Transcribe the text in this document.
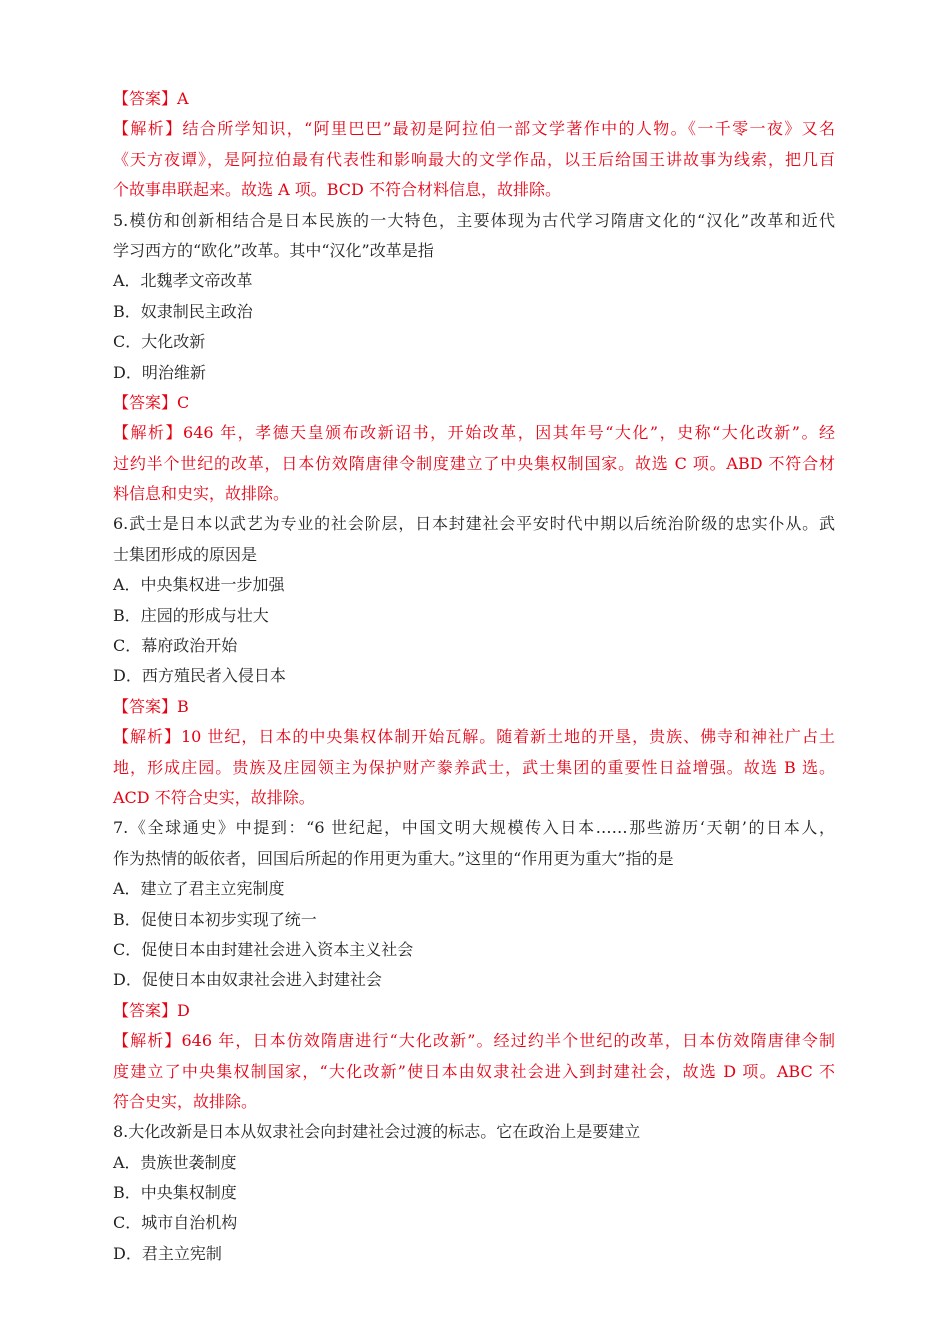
【答案】A
【解析】结合所学知识，“阿里巴巴”最初是阿拉伯一部文学著作中的人物。《一千零一夜》又名
《天方夜谭》，是阿拉伯最有代表性和影响最大的文学作品，以王后给国王讲故事为线索，把几百
个故事串联起来。故选 A 项。BCD 不符合材料信息，故排除。
5.模仿和创新相结合是日本民族的一大特色，主要体现为古代学习隋唐文化的“汉化”改革和近代
学习西方的“欧化”改革。其中“汉化”改革是指
A．北魏孝文帝改革
B．奴隶制民主政治
C．大化改新
D．明治维新
【答案】C
【解析】646 年，孝德天皇颁布改新诏书，开始改革，因其年号“大化”，史称“大化改新”。经
过约半个世纪的改革，日本仿效隋唐律令制度建立了中央集权制国家。故选 C 项。ABD 不符合材
料信息和史实，故排除。
6.武士是日本以武艺为专业的社会阶层，日本封建社会平安时代中期以后统治阶级的忠实仆从。武
士集团形成的原因是
A．中央集权进一步加强
B．庄园的形成与壮大
C．幕府政治开始
D．西方殖民者入侵日本
【答案】B
【解析】10 世纪，日本的中央集权体制开始瓦解。随着新土地的开垦，贵族、佛寺和神社广占土
地，形成庄园。贵族及庄园领主为保护财产豢养武士，武士集团的重要性日益增强。故选 B 选。
ACD 不符合史实，故排除。
7.《全球通史》中提到：“6 世纪起，中国文明大规模传入日本……那些游历‘天朝’的日本人，
作为热情的皈依者，回国后所起的作用更为重大。”这里的“作用更为重大”指的是
A．建立了君主立宪制度
B．促使日本初步实现了统一
C．促使日本由封建社会进入资本主义社会
D．促使日本由奴隶社会进入封建社会
【答案】D
【解析】646 年，日本仿效隋唐进行“大化改新”。经过约半个世纪的改革，日本仿效隋唐律令制
度建立了中央集权制国家，“大化改新”使日本由奴隶社会进入到封建社会，故选 D 项。ABC 不
符合史实，故排除。
8.大化改新是日本从奴隶社会向封建社会过渡的标志。它在政治上是要建立
A．贵族世袭制度
B．中央集权制度
C．城市自治机构
D．君主立宪制
